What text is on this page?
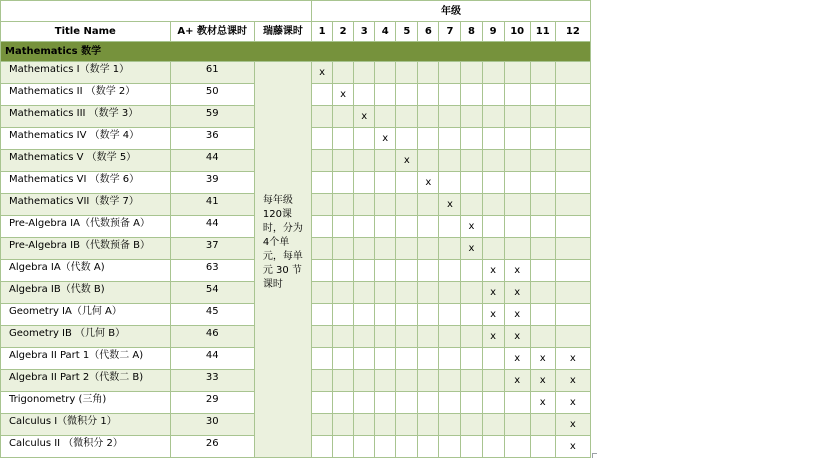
			年级											
Title Name	A+ 教材总课时	瑞藤课时	1	2	3	4	5	6	7	8	9	10	11	12
Mathematics 数学														
Mathematics I（数学 1）	61	每年级120课时，分为4个单元，每单元 30 节课时	x											
Mathematics II （数学 2）	50			x										
Mathematics III （数学 3）	59				x									
Mathematics IV （数学 4）	36					x								
Mathematics V （数学 5）	44						x							
Mathematics VI （数学 6）	39							x						
Mathematics VII（数学 7）	41								x					
Pre-Algebra IA（代数预备 A）	44									x				
Pre-Algebra IB（代数预备 B）	37									x				
Algebra IA（代数 A)	63										x	x		
Algebra IB（代数 B)	54										x	x		
Geometry IA（几何 A）	45										x	x		
Geometry IB （几何 B）	46										x	x		
Algebra II Part 1（代数二 A)	44											x	x	x
Algebra II Part 2（代数二 B)	33											x	x	x
Trigonometry (三角)	29												x	x
Calculus I（微积分 1）	30													x
Calculus II （微积分 2）	26													x
